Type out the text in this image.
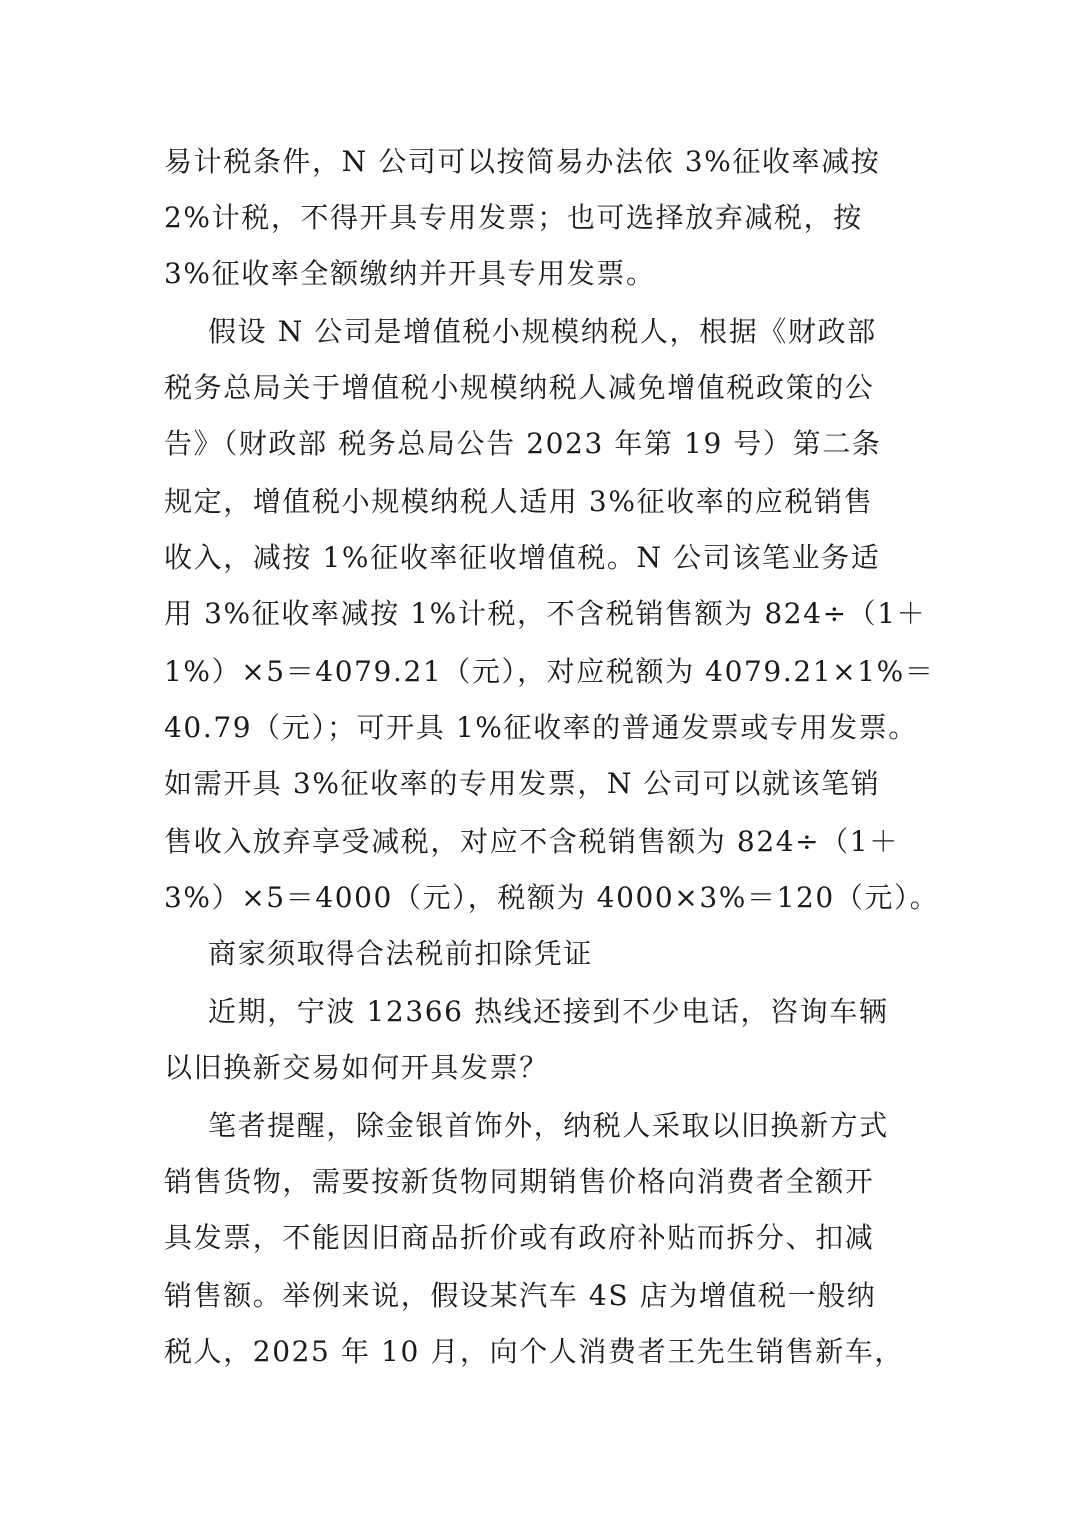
易计税条件，N 公司可以按简易办法依 3%征收率减按
2%计税，不得开具专用发票；也可选择放弃减税，按
3%征收率全额缴纳并开具专用发票。
假设 N 公司是增值税小规模纳税人，根据《财政部
税务总局关于增值税小规模纳税人减免增值税政策的公
告》（财政部 税务总局公告 2023 年第 19 号）第二条
规定，增值税小规模纳税人适用 3%征收率的应税销售
收入，减按 1%征收率征收增值税。N 公司该笔业务适
用 3%征收率减按 1%计税，不含税销售额为 824÷（1＋
1%）×5＝4079.21（元），对应税额为 4079.21×1%＝
40.79（元）；可开具 1%征收率的普通发票或专用发票。
如需开具 3%征收率的专用发票，N 公司可以就该笔销
售收入放弃享受减税，对应不含税销售额为 824÷（1＋
3%）×5＝4000（元），税额为 4000×3%＝120（元）。
商家须取得合法税前扣除凭证
近期，宁波 12366 热线还接到不少电话，咨询车辆
以旧换新交易如何开具发票？
笔者提醒，除金银首饰外，纳税人采取以旧换新方式
销售货物，需要按新货物同期销售价格向消费者全额开
具发票，不能因旧商品折价或有政府补贴而拆分、扣减
销售额。举例来说，假设某汽车 4S 店为增值税一般纳
税人，2025 年 10 月，向个人消费者王先生销售新车，
